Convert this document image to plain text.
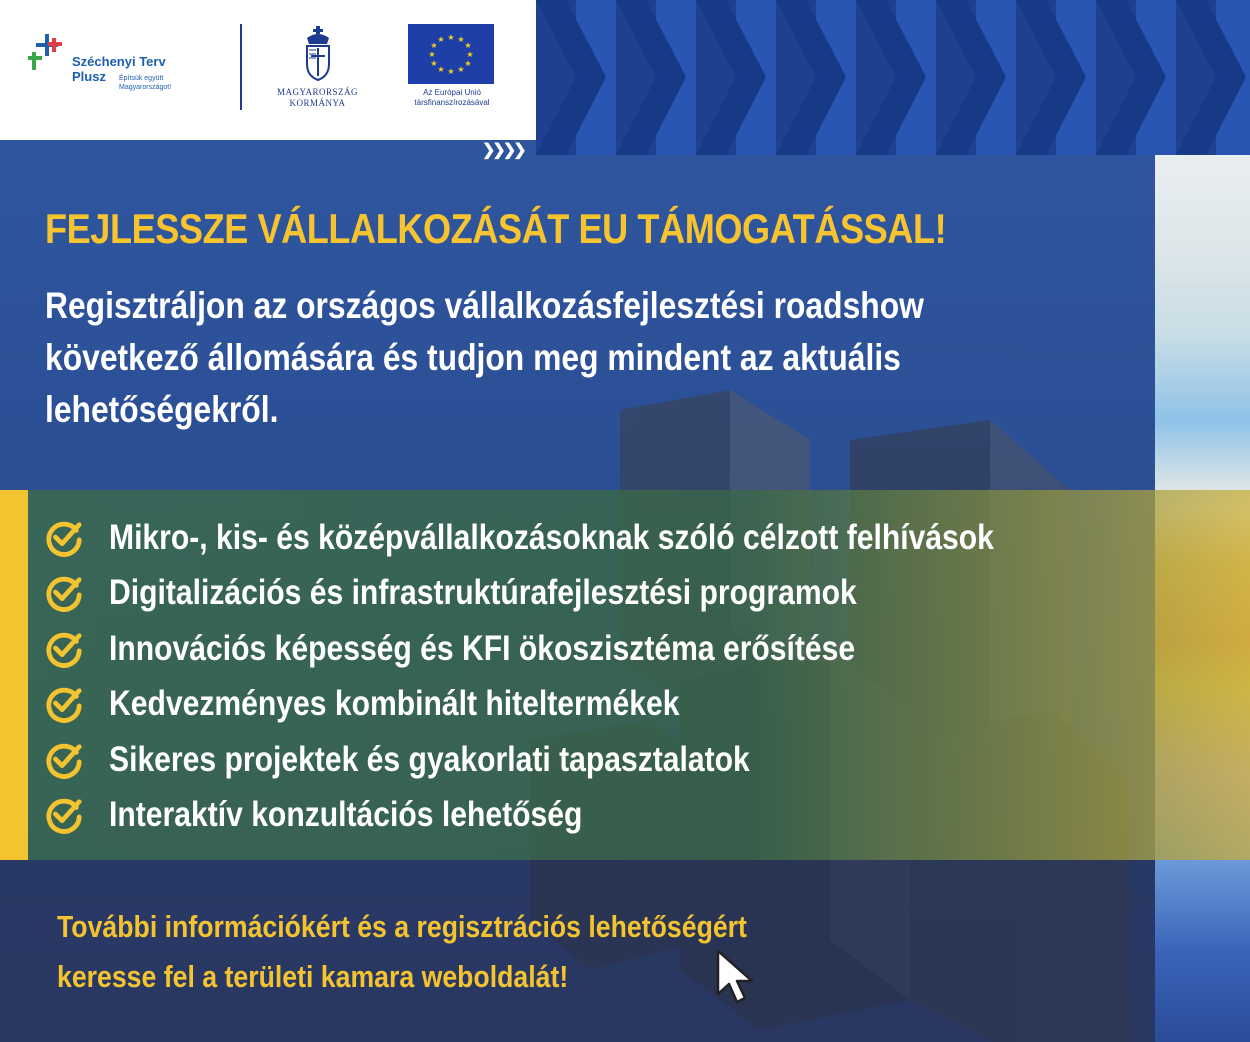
Széchenyi Terv
Plusz	Építsük együtt
Magyarországot!	MAGYARORSZÁG
KORMÁNYA
★ ★
★
★
★
★
★
★
★
★
★
★
Az Európai Unió
társfinanszírozásával
❯❯❯❯
FEJLESSZE VÁLLALKOZÁSÁT EU TÁMOGATÁSSAL!

Regisztráljon az országos vállalkozásfejlesztési roadshow következő állomására és tudjon meg mindent az aktuális lehetőségekről.

Mikro-, kis- és középvállalkozásoknak szóló célzott felhívások
Digitalizációs és infrastruktúrafejlesztési programok
Innovációs képesség és KFI ökoszisztéma erősítése
Kedvezményes kombinált hiteltermékek
Sikeres projektek és gyakorlati tapasztalatok
Interaktív konzultációs lehetőség
További információkért és a regisztrációs lehetőségért
keresse fel a területi kamara weboldalát!
